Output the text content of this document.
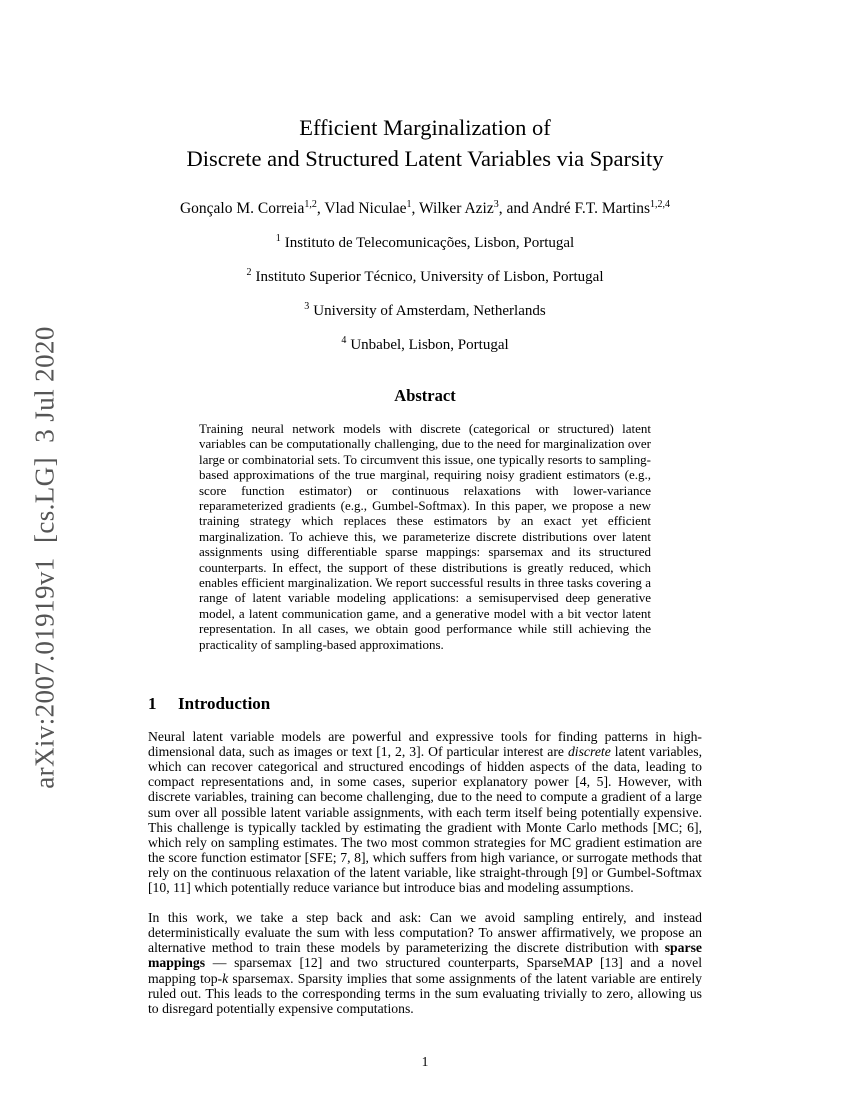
arXiv:2007.01919v1  [cs.LG]  3 Jul 2020
Efficient Marginalization of
Discrete and Structured Latent Variables via Sparsity
Gonçalo M. Correia$^{1,2}$, Vlad Niculae$^1$, Wilker Aziz$^3$, and André F.T. Martins$^{1,2,4}$
$^1$ Instituto de Telecomunicações, Lisbon, Portugal
$^2$ Instituto Superior Técnico, University of Lisbon, Portugal
$^3$ University of Amsterdam, Netherlands
$^4$ Unbabel, Lisbon, Portugal
Abstract
Training neural network models with discrete (categorical or structured) latent variables can be computationally challenging, due to the need for marginalization over large or combinatorial sets. To circumvent this issue, one typically resorts to sampling-based approximations of the true marginal, requiring noisy gradient estimators (e.g., score function estimator) or continuous relaxations with lower-variance reparameterized gradients (e.g., Gumbel-Softmax). In this paper, we propose a new training strategy which replaces these estimators by an exact yet efficient marginalization. To achieve this, we parameterize discrete distributions over latent assignments using differentiable sparse mappings: sparsemax and its structured counterparts. In effect, the support of these distributions is greatly reduced, which enables efficient marginalization. We report successful results in three tasks covering a range of latent variable modeling applications: a semisupervised deep generative model, a latent communication game, and a generative model with a bit vector latent representation. In all cases, we obtain good performance while still achieving the practicality of sampling-based approximations.
1 Introduction
Neural latent variable models are powerful and expressive tools for finding patterns in high-dimensional data, such as images or text [1, 2, 3]. Of particular interest are discrete latent variables, which can recover categorical and structured encodings of hidden aspects of the data, leading to compact representations and, in some cases, superior explanatory power [4, 5]. However, with discrete variables, training can become challenging, due to the need to compute a gradient of a large sum over all possible latent variable assignments, with each term itself being potentially expensive. This challenge is typically tackled by estimating the gradient with Monte Carlo methods [MC; 6], which rely on sampling estimates. The two most common strategies for MC gradient estimation are the score function estimator [SFE; 7, 8], which suffers from high variance, or surrogate methods that rely on the continuous relaxation of the latent variable, like straight-through [9] or Gumbel-Softmax [10, 11] which potentially reduce variance but introduce bias and modeling assumptions.
In this work, we take a step back and ask: Can we avoid sampling entirely, and instead deterministically evaluate the sum with less computation? To answer affirmatively, we propose an alternative method to train these models by parameterizing the discrete distribution with sparse mappings — sparsemax [12] and two structured counterparts, SparseMAP [13] and a novel mapping top-k sparsemax. Sparsity implies that some assignments of the latent variable are entirely ruled out. This leads to the corresponding terms in the sum evaluating trivially to zero, allowing us to disregard potentially expensive computations.
1
